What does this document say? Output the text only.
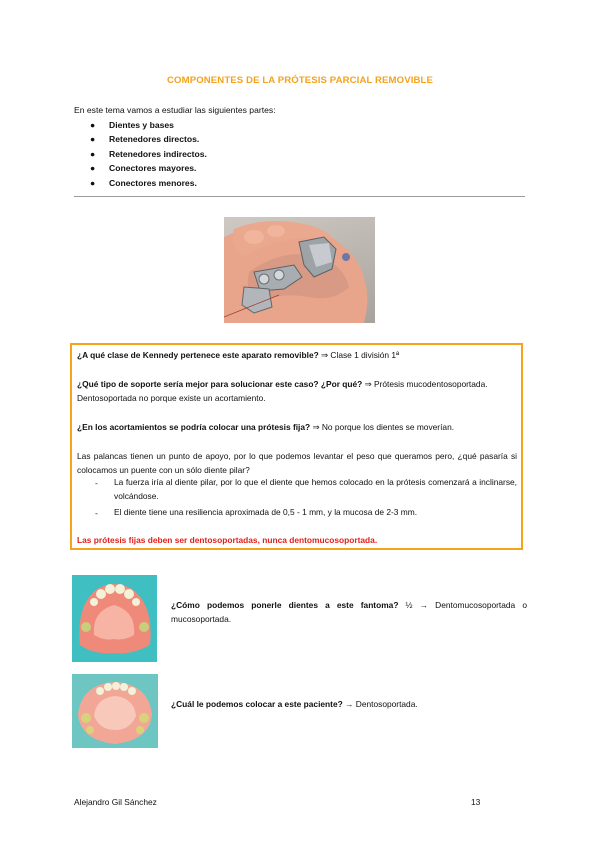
COMPONENTES DE LA PRÓTESIS PARCIAL REMOVIBLE
En este tema vamos a estudiar las siguientes partes:
● Dientes y bases
● Retenedores directos.
● Retenedores indirectos.
● Conectores mayores.
● Conectores menores.
¿A qué clase de Kennedy pertenece este aparato removible? ⇒ Clase 1 división 1ª
¿Qué tipo de soporte sería mejor para solucionar este caso? ¿Por qué? ⇒ Prótesis mucodentosoportada. Dentosoportada no porque existe un acortamiento.
¿En los acortamientos se podría colocar una prótesis fija? ⇒ No porque los dientes se moverían.
Las palancas tienen un punto de apoyo, por lo que podemos levantar el peso que queramos pero, ¿qué pasaría si colocamos un puente con un sólo diente pilar?
- La fuerza iría al diente pilar, por lo que el diente que hemos colocado en la prótesis comenzará a inclinarse, volcándose.
- El diente tiene una resiliencia aproximada de 0,5 - 1 mm, y la mucosa de 2-3 mm.
Las prótesis fijas deben ser dentosoportadas, nunca dentomucosoportada.
¿Cómo podemos ponerle dientes a este fantoma? ½ → Dentomucosoportada o mucosoportada.
¿Cuál le podemos colocar a este paciente? → Dentosoportada.
Alejandro Gil Sánchez	13
